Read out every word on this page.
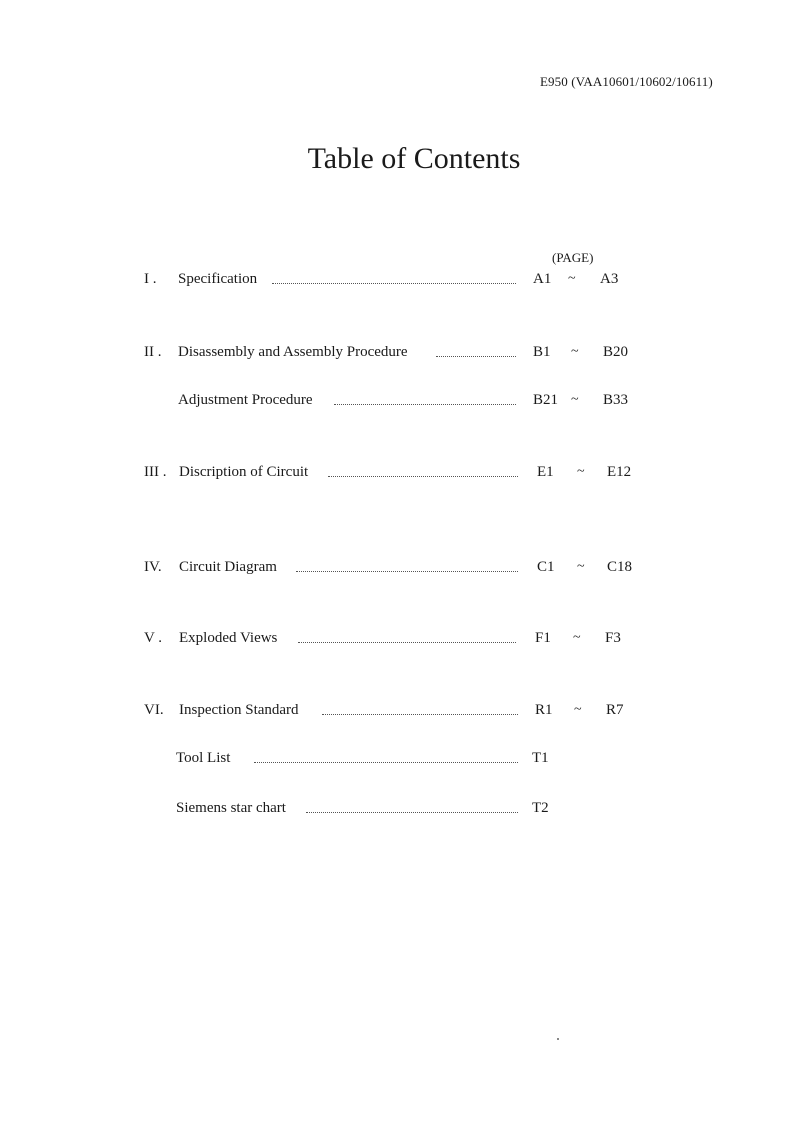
E950 (VAA10601/10602/10611)
Table of Contents
(PAGE)
I . Specification	A1 ~ A3
II . Disassembly and Assembly Procedure	B1 ~ B20
Adjustment Procedure	B21 ~ B33
III . Discription of Circuit	E1 ~ E12
IV. Circuit Diagram	C1 ~ C18
V . Exploded Views	F1 ~ F3
VI. Inspection Standard	R1 ~ R7
Tool List	T1
Siemens star chart	T2
